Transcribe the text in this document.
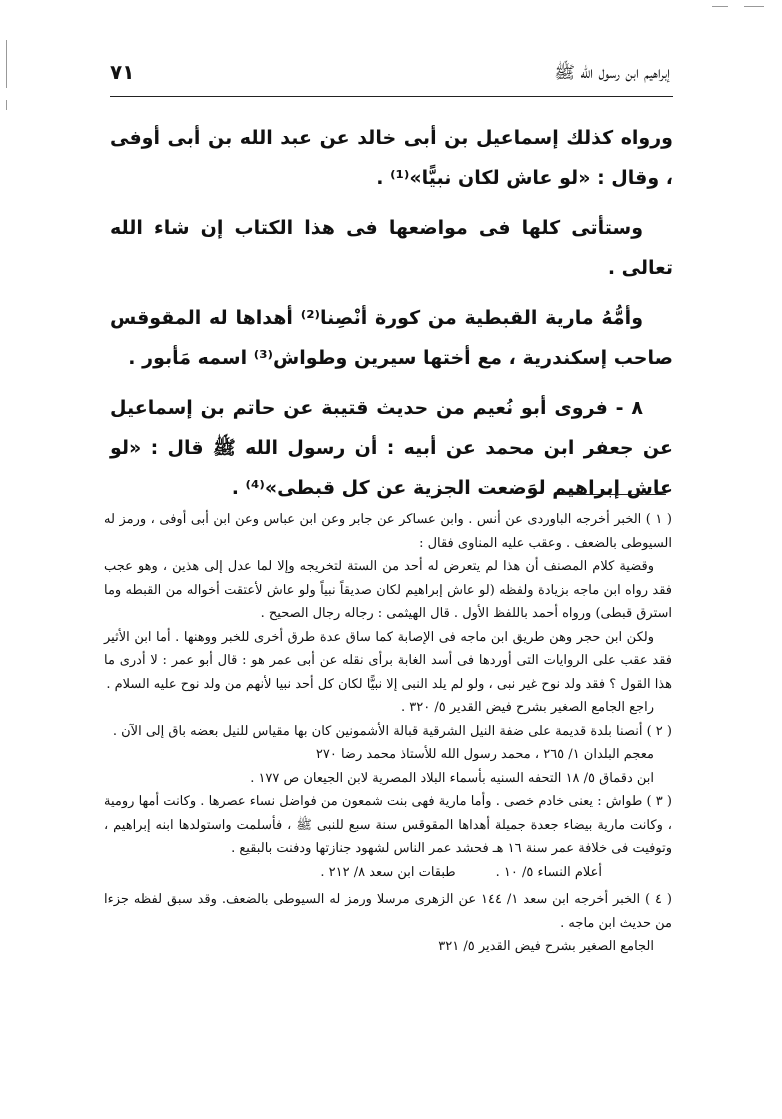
إبراهيم ابن رسول الله ﷺ
٧١

ورواه كذلك إسماعيل بن أبى خالد عن عبد الله بن أبى أوفى ، وقال : «لو عاش لكان نبيًّا»⁽¹⁾ .

وستأتى كلها فى مواضعها فى هذا الكتاب إن شاء الله تعالى .

وأمُّهُ مارية القبطية من كورة أنْصِنا⁽²⁾ أهداها له المقوقس صاحب إسكندرية ، مع أختها سيرين وطواش⁽³⁾ اسمه مَأبور .

٨ - فروى أبو نُعيم من حديث قتيبة عن حاتم بن إسماعيل عن جعفر ابن محمد عن أبيه : أن رسول الله ﷺ قال : «لو عاش إبراهيم لوَضعت الجزية عن كل قبطى»⁽⁴⁾ .

( ١ ) الخبر أخرجه الباوردى عن أنس . وابن عساكر عن جابر وعن ابن عباس وعن ابن أبى أوفى ، ورمز له السيوطى بالضعف . وعقب عليه المناوى فقال :

وقضية كلام المصنف أن هذا لم يتعرض له أحد من الستة لتخريجه وإلا لما عدل إلى هذين ، وهو عجب فقد رواه ابن ماجه بزيادة ولفظه (لو عاش إبراهيم لكان صديقاً نبياً ولو عاش لأعتقت أخواله من القبطه وما استرق قبطى) ورواه أحمد باللفظ الأول . قال الهيثمى : رجاله رجال الصحيح .

ولكن ابن حجر وهن طريق ابن ماجه فى الإصابة كما ساق عدة طرق أخرى للخبر ووهنها . أما ابن الأثير فقد عقب على الروايات التى أوردها فى أسد الغابة برأى نقله عن أبى عمر هو : قال أبو عمر : لا أدرى ما هذا القول ؟ فقد ولد نوح غير نبى ، ولو لم يلد النبى إلا نبيًّا لكان كل أحد نبيا لأنهم من ولد نوح عليه السلام .

راجع الجامع الصغير بشرح فيض القدير ٥/ ٣٢٠ .

( ٢ ) أنصنا بلدة قديمة على ضفة النيل الشرقية قبالة الأشمونين كان بها مقياس للنيل بعضه باق إلى الآن .

معجم البلدان ١/ ٢٦٥ ، محمد رسول الله للأستاذ محمد رضا ٢٧٠

ابن دقماق ٥/ ١٨ التحفه السنيه بأسماء البلاد المصرية لابن الجيعان ص ١٧٧ .

( ٣ ) طواش : يعنى خادم خصى . وأما مارية فهى بنت شمعون من فواضل نساء عصرها . وكانت أمها رومية ، وكانت مارية بيضاء جعدة جميلة أهداها المقوقس سنة سبع للنبى ﷺ ، فأسلمت واستولدها ابنه إبراهيم ، وتوفيت فى خلافة عمر سنة ١٦ هـ فحشد عمر الناس لشهود جنازتها ودفنت بالبقيع .

أعلام النساء ٥/ ١٠ .
طبقات ابن سعد ٨/ ٢١٢ .

( ٤ ) الخبر أخرجه ابن سعد ١/ ١٤٤ عن الزهرى مرسلا ورمز له السيوطى بالضعف. وقد سبق لفظه جزءا من حديث ابن ماجه .

الجامع الصغير بشرح فيض القدير ٥/ ٣٢١
